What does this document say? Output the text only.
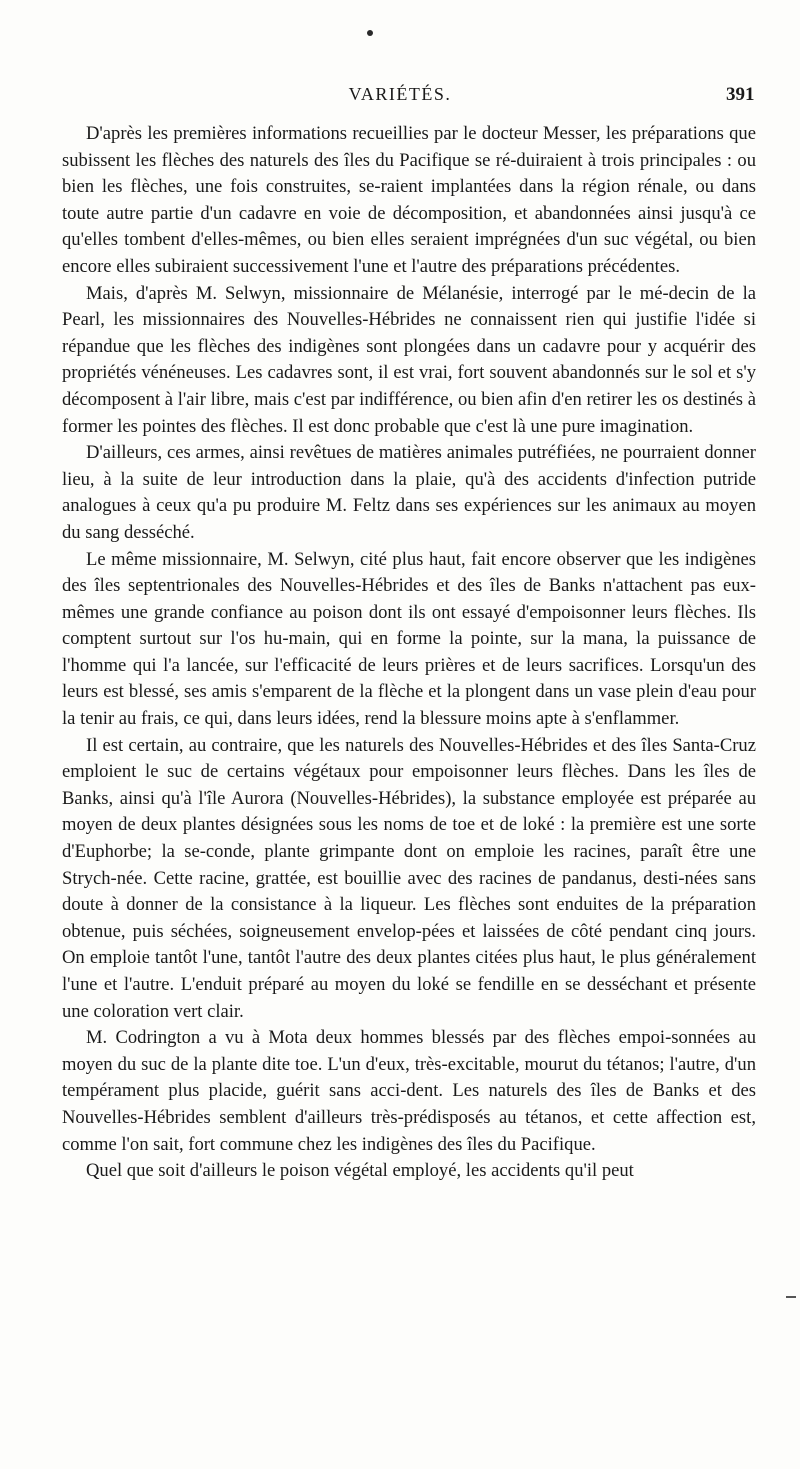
VARIÉTÉS.	391

D'après les premières informations recueillies par le docteur Messer, les préparations que subissent les flèches des naturels des îles du Pacifique se ré-duiraient à trois principales : ou bien les flèches, une fois construites, se-raient implantées dans la région rénale, ou dans toute autre partie d'un cadavre en voie de décomposition, et abandonnées ainsi jusqu'à ce qu'elles tombent d'elles-mêmes, ou bien elles seraient imprégnées d'un suc végétal, ou bien encore elles subiraient successivement l'une et l'autre des préparations précédentes.

Mais, d'après M. Selwyn, missionnaire de Mélanésie, interrogé par le mé-decin de la Pearl, les missionnaires des Nouvelles-Hébrides ne connaissent rien qui justifie l'idée si répandue que les flèches des indigènes sont plongées dans un cadavre pour y acquérir des propriétés vénéneuses. Les cadavres sont, il est vrai, fort souvent abandonnés sur le sol et s'y décomposent à l'air libre, mais c'est par indifférence, ou bien afin d'en retirer les os destinés à former les pointes des flèches. Il est donc probable que c'est là une pure imagination.

D'ailleurs, ces armes, ainsi revêtues de matières animales putréfiées, ne pourraient donner lieu, à la suite de leur introduction dans la plaie, qu'à des accidents d'infection putride analogues à ceux qu'a pu produire M. Feltz dans ses expériences sur les animaux au moyen du sang desséché.

Le même missionnaire, M. Selwyn, cité plus haut, fait encore observer que les indigènes des îles septentrionales des Nouvelles-Hébrides et des îles de Banks n'attachent pas eux-mêmes une grande confiance au poison dont ils ont essayé d'empoisonner leurs flèches. Ils comptent surtout sur l'os hu-main, qui en forme la pointe, sur la mana, la puissance de l'homme qui l'a lancée, sur l'efficacité de leurs prières et de leurs sacrifices. Lorsqu'un des leurs est blessé, ses amis s'emparent de la flèche et la plongent dans un vase plein d'eau pour la tenir au frais, ce qui, dans leurs idées, rend la blessure moins apte à s'enflammer.

Il est certain, au contraire, que les naturels des Nouvelles-Hébrides et des îles Santa-Cruz emploient le suc de certains végétaux pour empoisonner leurs flèches. Dans les îles de Banks, ainsi qu'à l'île Aurora (Nouvelles-Hébrides), la substance employée est préparée au moyen de deux plantes désignées sous les noms de toe et de loké : la première est une sorte d'Euphorbe; la se-conde, plante grimpante dont on emploie les racines, paraît être une Strych-née. Cette racine, grattée, est bouillie avec des racines de pandanus, desti-nées sans doute à donner de la consistance à la liqueur. Les flèches sont enduites de la préparation obtenue, puis séchées, soigneusement envelop-pées et laissées de côté pendant cinq jours. On emploie tantôt l'une, tantôt l'autre des deux plantes citées plus haut, le plus généralement l'une et l'autre. L'enduit préparé au moyen du loké se fendille en se desséchant et présente une coloration vert clair.

M. Codrington a vu à Mota deux hommes blessés par des flèches empoi-sonnées au moyen du suc de la plante dite toe. L'un d'eux, très-excitable, mourut du tétanos; l'autre, d'un tempérament plus placide, guérit sans acci-dent. Les naturels des îles de Banks et des Nouvelles-Hébrides semblent d'ailleurs très-prédisposés au tétanos, et cette affection est, comme l'on sait, fort commune chez les indigènes des îles du Pacifique.

Quel que soit d'ailleurs le poison végétal employé, les accidents qu'il peut
